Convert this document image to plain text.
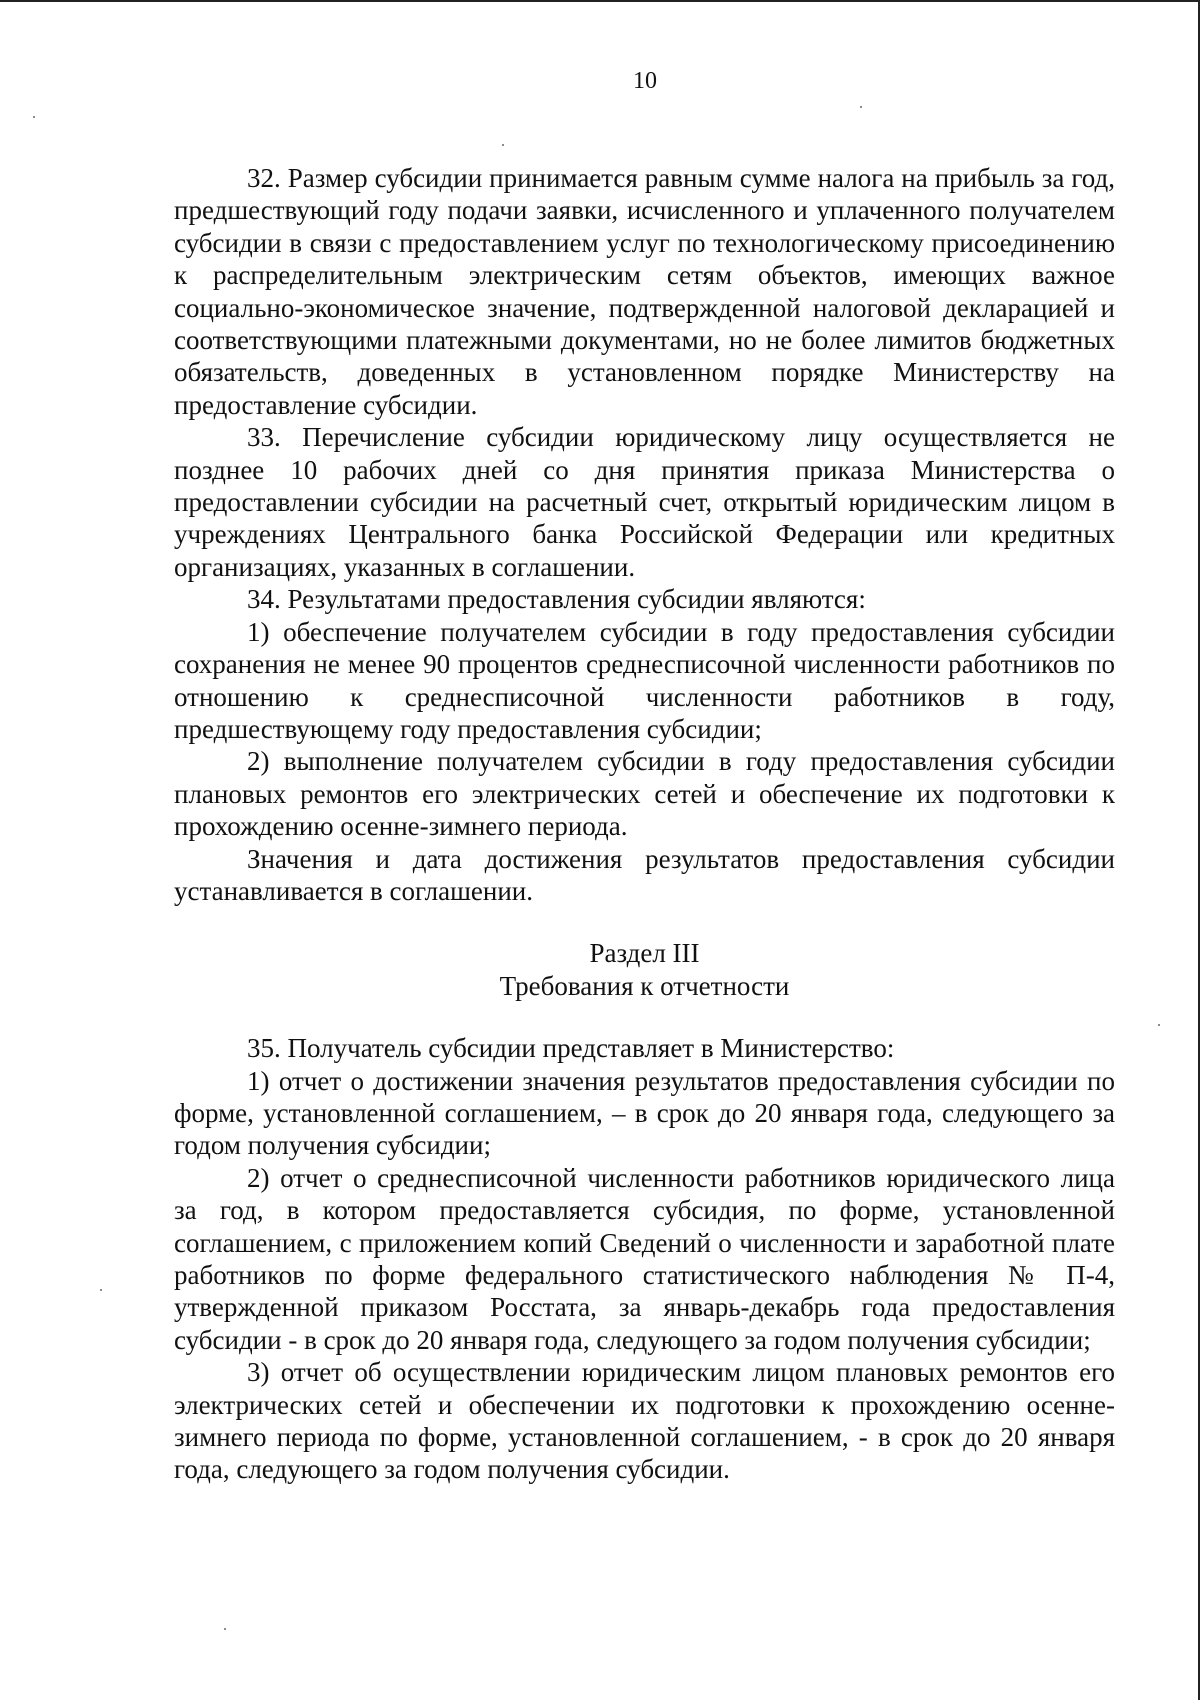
10

32. Размер субсидии принимается равным сумме налога на прибыль за год, предшествующий году подачи заявки, исчисленного и уплаченного получателем субсидии в связи с предоставлением услуг по технологическому присоединению к распределительным электрическим сетям объектов, имеющих важное социально-экономическое значение, подтвержденной налоговой декларацией и соответствующими платежными документами, но не более лимитов бюджетных обязательств, доведенных в установленном порядке Министерству на предоставление субсидии.

33. Перечисление субсидии юридическому лицу осуществляется не позднее 10 рабочих дней со дня принятия приказа Министерства о предоставлении субсидии на расчетный счет, открытый юридическим лицом в учреждениях Центрального банка Российской Федерации или кредитных организациях, указанных в соглашении.

34. Результатами предоставления субсидии являются:

1) обеспечение получателем субсидии в году предоставления субсидии сохранения не менее 90 процентов среднесписочной численности работников по отношению к среднесписочной численности работников в году, предшествующему году предоставления субсидии;

2) выполнение получателем субсидии в году предоставления субсидии плановых ремонтов его электрических сетей и обеспечение их подготовки к прохождению осенне-зимнего периода.

Значения и дата достижения результатов предоставления субсидии устанавливается в соглашении.

Раздел III

Требования к отчетности

35. Получатель субсидии представляет в Министерство:

1) отчет о достижении значения результатов предоставления субсидии по форме, установленной соглашением, – в срок до 20 января года, следующего за годом получения субсидии;

2) отчет о среднесписочной численности работников юридического лица за год, в котором предоставляется субсидия, по форме, установленной соглашением, с приложением копий Сведений о численности и заработной плате работников по форме федерального статистического наблюдения № П-4, утвержденной приказом Росстата, за январь-декабрь года предоставления субсидии - в срок до 20 января года, следующего за годом получения субсидии;

3) отчет об осуществлении юридическим лицом плановых ремонтов его электрических сетей и обеспечении их подготовки к прохождению осенне-зимнего периода по форме, установленной соглашением, - в срок до 20 января года, следующего за годом получения субсидии.
